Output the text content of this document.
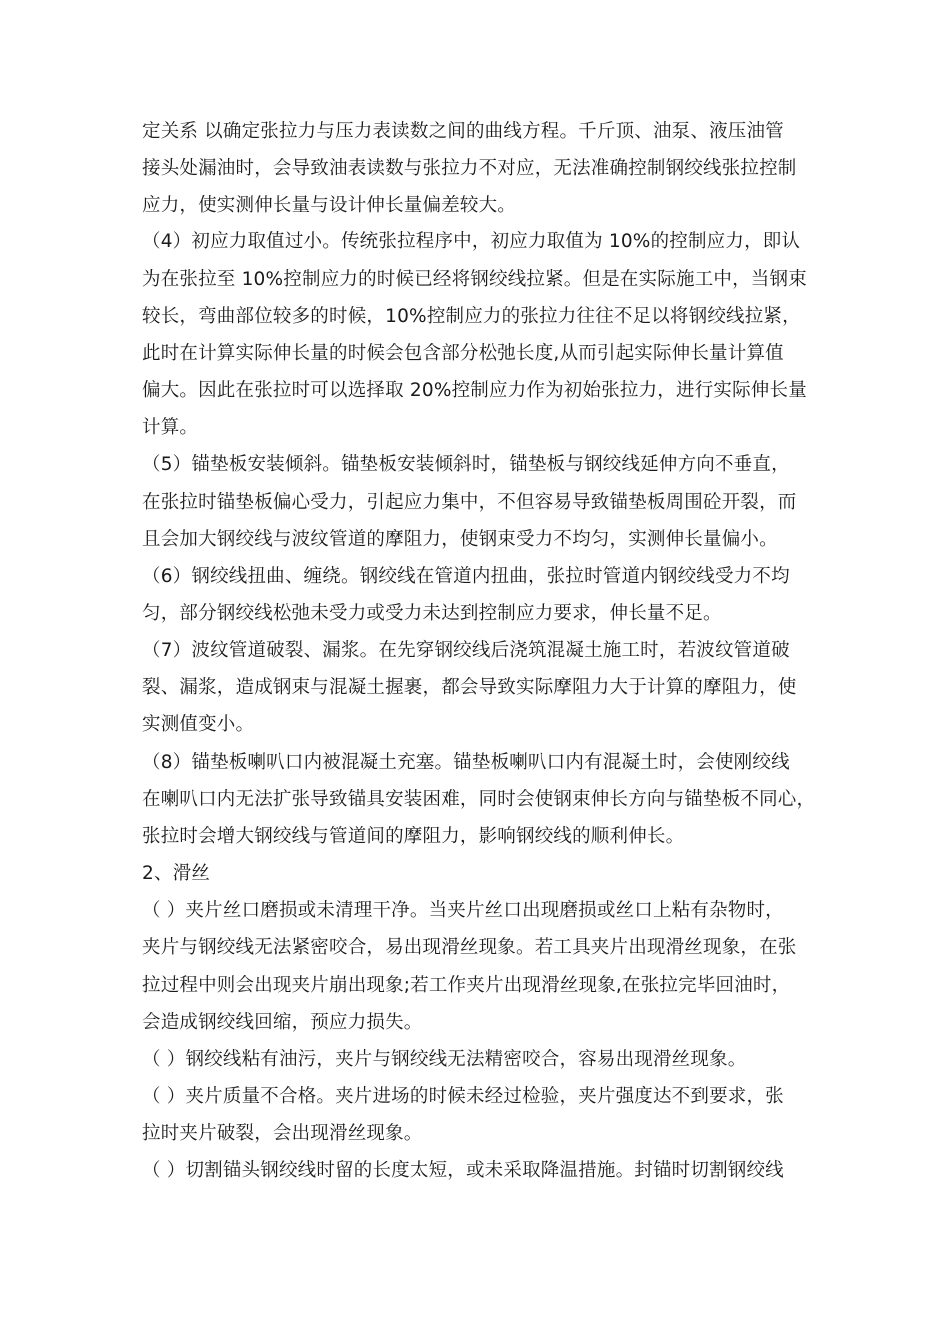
定关系 以确定张拉力与压力表读数之间的曲线方程。千斤顶、油泵、液压油管
接头处漏油时，会导致油表读数与张拉力不对应，无法准确控制钢绞线张拉控制
应力，使实测伸长量与设计伸长量偏差较大。
（4）初应力取值过小。传统张拉程序中，初应力取值为 10%的控制应力，即认
为在张拉至 10%控制应力的时候已经将钢绞线拉紧。但是在实际施工中，当钢束
较长，弯曲部位较多的时候，10%控制应力的张拉力往往不足以将钢绞线拉紧，
此时在计算实际伸长量的时候会包含部分松弛长度,从而引起实际伸长量计算值
偏大。因此在张拉时可以选择取 20%控制应力作为初始张拉力，进行实际伸长量
计算。
（5）锚垫板安装倾斜。锚垫板安装倾斜时，锚垫板与钢绞线延伸方向不垂直，
在张拉时锚垫板偏心受力，引起应力集中，不但容易导致锚垫板周围砼开裂，而
且会加大钢绞线与波纹管道的摩阻力，使钢束受力不均匀，实测伸长量偏小。
（6）钢绞线扭曲、缠绕。钢绞线在管道内扭曲，张拉时管道内钢绞线受力不均
匀，部分钢绞线松弛未受力或受力未达到控制应力要求，伸长量不足。
（7）波纹管道破裂、漏浆。在先穿钢绞线后浇筑混凝土施工时，若波纹管道破
裂、漏浆，造成钢束与混凝土握裹，都会导致实际摩阻力大于计算的摩阻力，使
实测值变小。
（8）锚垫板喇叭口内被混凝土充塞。锚垫板喇叭口内有混凝土时，会使刚绞线
在喇叭口内无法扩张导致锚具安装困难，同时会使钢束伸长方向与锚垫板不同心，
张拉时会增大钢绞线与管道间的摩阻力，影响钢绞线的顺利伸长。
2、滑丝
（ ）夹片丝口磨损或未清理干净。当夹片丝口出现磨损或丝口上粘有杂物时，
夹片与钢绞线无法紧密咬合，易出现滑丝现象。若工具夹片出现滑丝现象，在张
拉过程中则会出现夹片崩出现象;若工作夹片出现滑丝现象,在张拉完毕回油时，
会造成钢绞线回缩，预应力损失。
（ ）钢绞线粘有油污，夹片与钢绞线无法精密咬合，容易出现滑丝现象。
（ ）夹片质量不合格。夹片进场的时候未经过检验，夹片强度达不到要求，张
拉时夹片破裂，会出现滑丝现象。
（ ）切割锚头钢绞线时留的长度太短，或未采取降温措施。封锚时切割钢绞线
